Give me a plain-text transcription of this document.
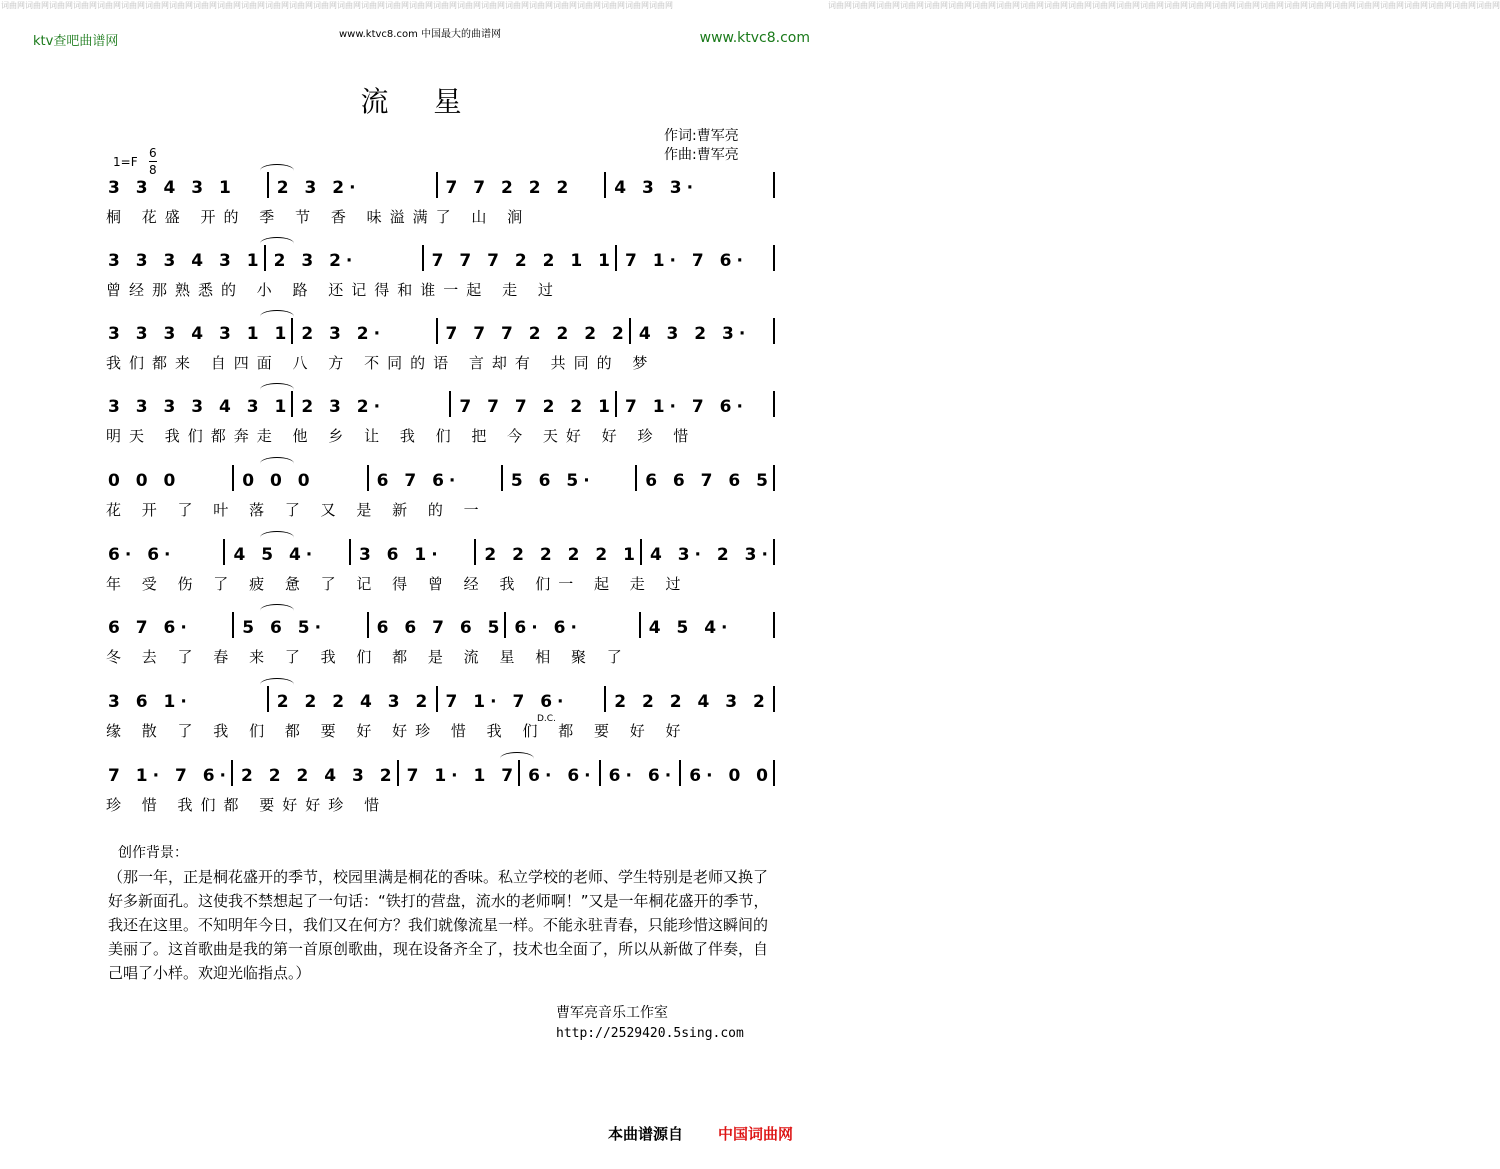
词曲网词曲网词曲网词曲网词曲网词曲网词曲网词曲网词曲网词曲网词曲网词曲网词曲网词曲网词曲网词曲网词曲网词曲网词曲网词曲网词曲网词曲网词曲网词曲网词曲网词曲网词曲网词曲网	词曲网词曲网词曲网词曲网词曲网词曲网词曲网词曲网词曲网词曲网词曲网词曲网词曲网词曲网词曲网词曲网词曲网词曲网词曲网词曲网词曲网词曲网词曲网词曲网词曲网词曲网词曲网词曲网
ktv查吧曲谱网	www.ktvc8.com 中国最大的曲谱网	www.ktvc8.com
流 星
作词:曹军亮
作曲:曹军亮
$1=F \frac{6}{8}$
3 3 4 3 1	2 3 2·	7 7 2 2 2	4 3 3·
桐 花盛 开的 季 节 香 味溢满了 山 涧
3 3 3 4 3 1 2 3 2·	7 7 7 2 2 1 1 7 1· 7 6·
曾经那熟悉的 小 路 还记得和谁一起 走 过
3 3 3 4 3 1 1 2 3 2·	7 7 7 2 2 2 2 4 3 2 3·
我们都来 自四面 八 方 不同的语 言却有 共同的 梦
3 3 3 3 4 3 1 2 3 2·	7 7 7 2 2 1 7 1· 7 6·
明天 我们都奔走 他 乡 让 我 们 把 今 天好 好 珍 惜
0 0 0	0 0 0	6 7 6·	5 6 5·	6 6 7 6 5
花 开 了 叶 落 了 又 是 新 的 一
6· 6·	4 5 4·	3 6 1·	2 2 2 2 2 1 4 3· 2 3·
年 受 伤 了 疲 惫 了 记 得 曾 经 我 们一 起 走 过
6 7 6·	5 6 5·	6 6 7 6 5 6· 6·	4 5 4·
冬 去 了 春 来 了 我 们 都 是 流 星 相 聚 了
3 6 1·	2 2 2 4 3 2 7 1· 7 6·	2 2 2 4 3 2
缘 散 了 我 们 都 要 好 好珍 惜 我 们 都 要 好 好
D.C.
7 1· 7 6· 2 2 2 4 3 2 7 1· 1 7 6· 6· 6· 6· 6· 0 0
珍 惜 我们都 要好好珍 惜
创作背景：
（那一年，正是桐花盛开的季节，校园里满是桐花的香味。私立学校的老师、学生特别是老师又换了好多新面孔。这使我不禁想起了一句话：“铁打的营盘，流水的老师啊！”又是一年桐花盛开的季节，我还在这里。不知明年今日，我们又在何方？我们就像流星一样。不能永驻青春，只能珍惜这瞬间的美丽了。这首歌曲是我的第一首原创歌曲，现在设备齐全了，技术也全面了，所以从新做了伴奏，自己唱了小样。欢迎光临指点。）
曹军亮音乐工作室
http://2529420.5sing.com
本曲谱源自 中国词曲网
